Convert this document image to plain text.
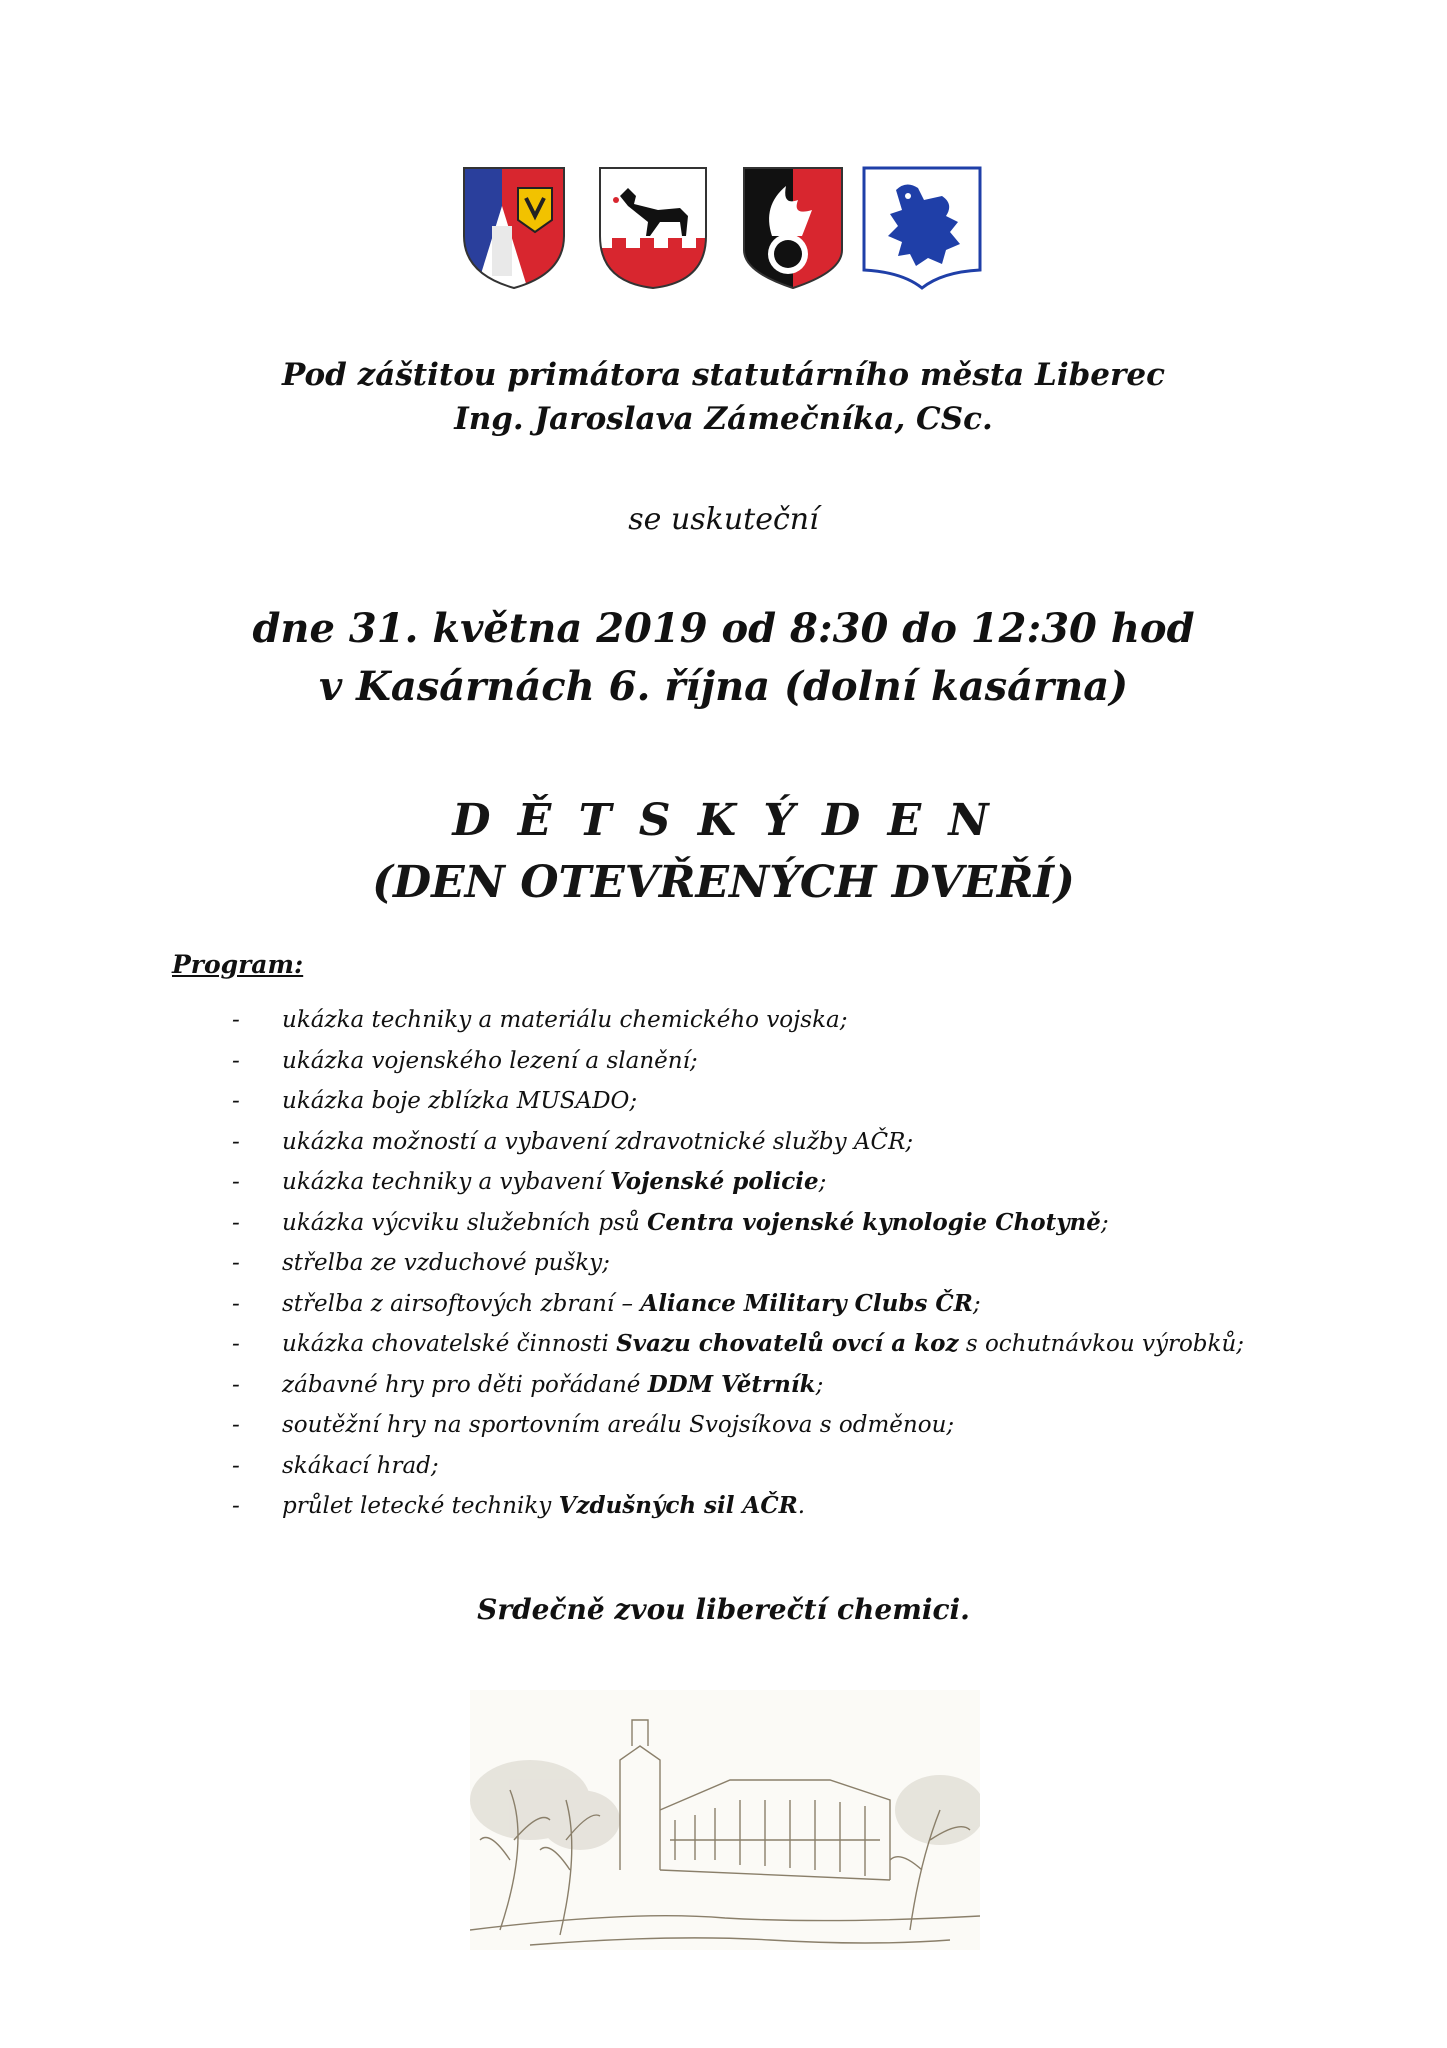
Pod záštitou primátora statutárního města Liberec
Ing. Jaroslava Zámečníka, CSc.
se uskuteční
dne 31. května 2019 od 8:30 do 12:30 hod
v Kasárnách 6. října (dolní kasárna)
D Ě T S K Ý D E N
(DEN OTEVŘENÝCH DVEŘÍ)
Program:
- ukázka techniky a materiálu chemického vojska;
- ukázka vojenského lezení a slanění;
- ukázka boje zblízka MUSADO;
- ukázka možností a vybavení zdravotnické služby AČR;
- ukázka techniky a vybavení Vojenské policie;
- ukázka výcviku služebních psů Centra vojenské kynologie Chotyně;
- střelba ze vzduchové pušky;
- střelba z airsoftových zbraní – Aliance Military Clubs ČR;
- ukázka chovatelské činnosti Svazu chovatelů ovcí a koz s ochutnávkou výrobků;
- zábavné hry pro děti pořádané DDM Větrník;
- soutěžní hry na sportovním areálu Svojsíkova s odměnou;
- skákací hrad;
- průlet letecké techniky Vzdušných sil AČR.
Srdečně zvou liberečtí chemici.
